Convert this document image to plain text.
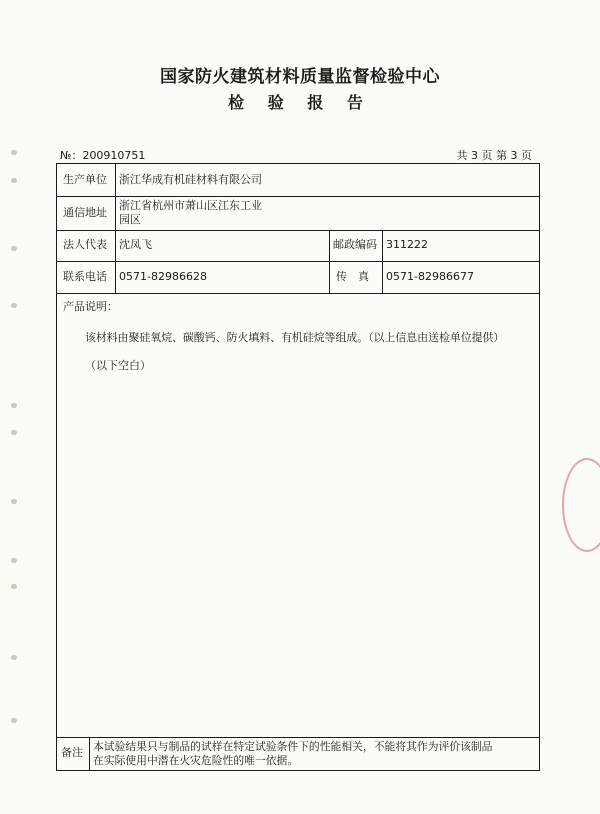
国家防火建筑材料质量监督检验中心
检 验 报 告
№：200910751	共 3 页 第 3 页
生产单位 浙江华成有机硅材料有限公司
通信地址
浙江省杭州市萧山区江东工业
园区
法人代表 沈凤飞	邮政编码 311222
联系电话 0571-82986628	传　真 0571-82986677
产品说明：
该材料由聚硅氧烷、碳酸钙、防火填料、有机硅烷等组成。（以上信息由送检单位提供）
（以下空白）
备注 本试验结果只与制品的试样在特定试验条件下的性能相关，不能将其作为评价该制品
在实际使用中潜在火灾危险性的唯一依据。
